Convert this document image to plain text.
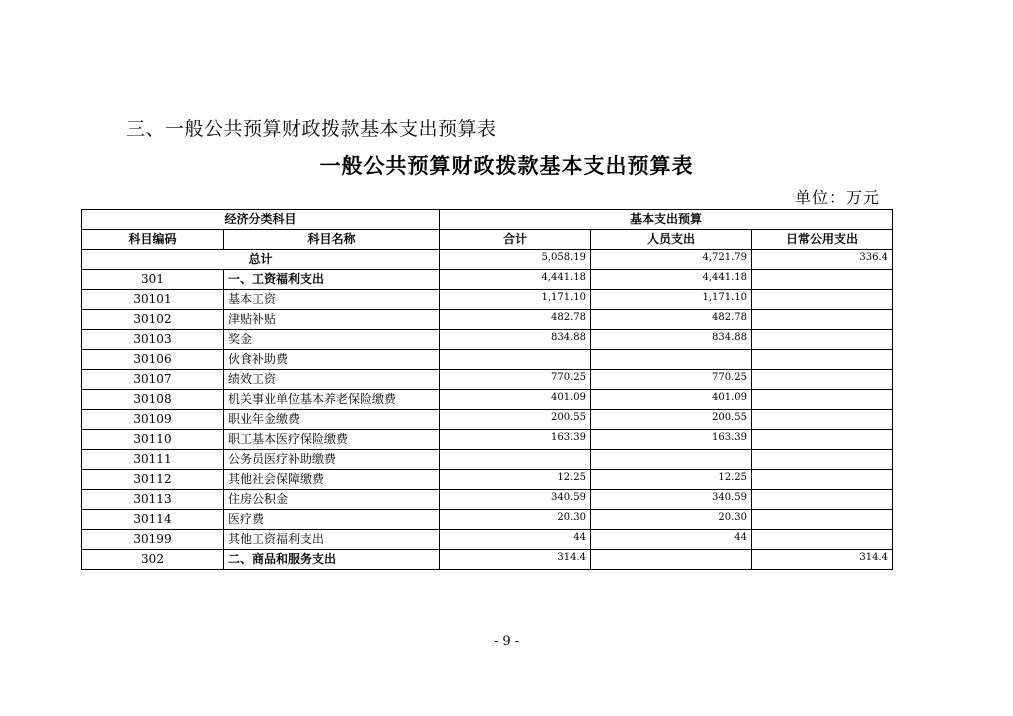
三、一般公共预算财政拨款基本支出预算表
一般公共预算财政拨款基本支出预算表
单位：万元
经济分类科目		基本支出预算		
科目编码	科目名称	合计	人员支出	日常公用支出
总计		5,058.19	4,721.79	336.4
301	一、工资福利支出	4,441.18	4,441.18	
30101	基本工资	1,171.10	1,171.10	
30102	津贴补贴	482.78	482.78	
30103	奖金	834.88	834.88	
30106	伙食补助费			
30107	绩效工资	770.25	770.25	
30108	机关事业单位基本养老保险缴费	401.09	401.09	
30109	职业年金缴费	200.55	200.55	
30110	职工基本医疗保险缴费	163.39	163.39	
30111	公务员医疗补助缴费			
30112	其他社会保障缴费	12.25	12.25	
30113	住房公积金	340.59	340.59	
30114	医疗费	20.30	20.30	
30199	其他工资福利支出	44	44	
302	二、商品和服务支出	314.4		314.4
- 9 -
